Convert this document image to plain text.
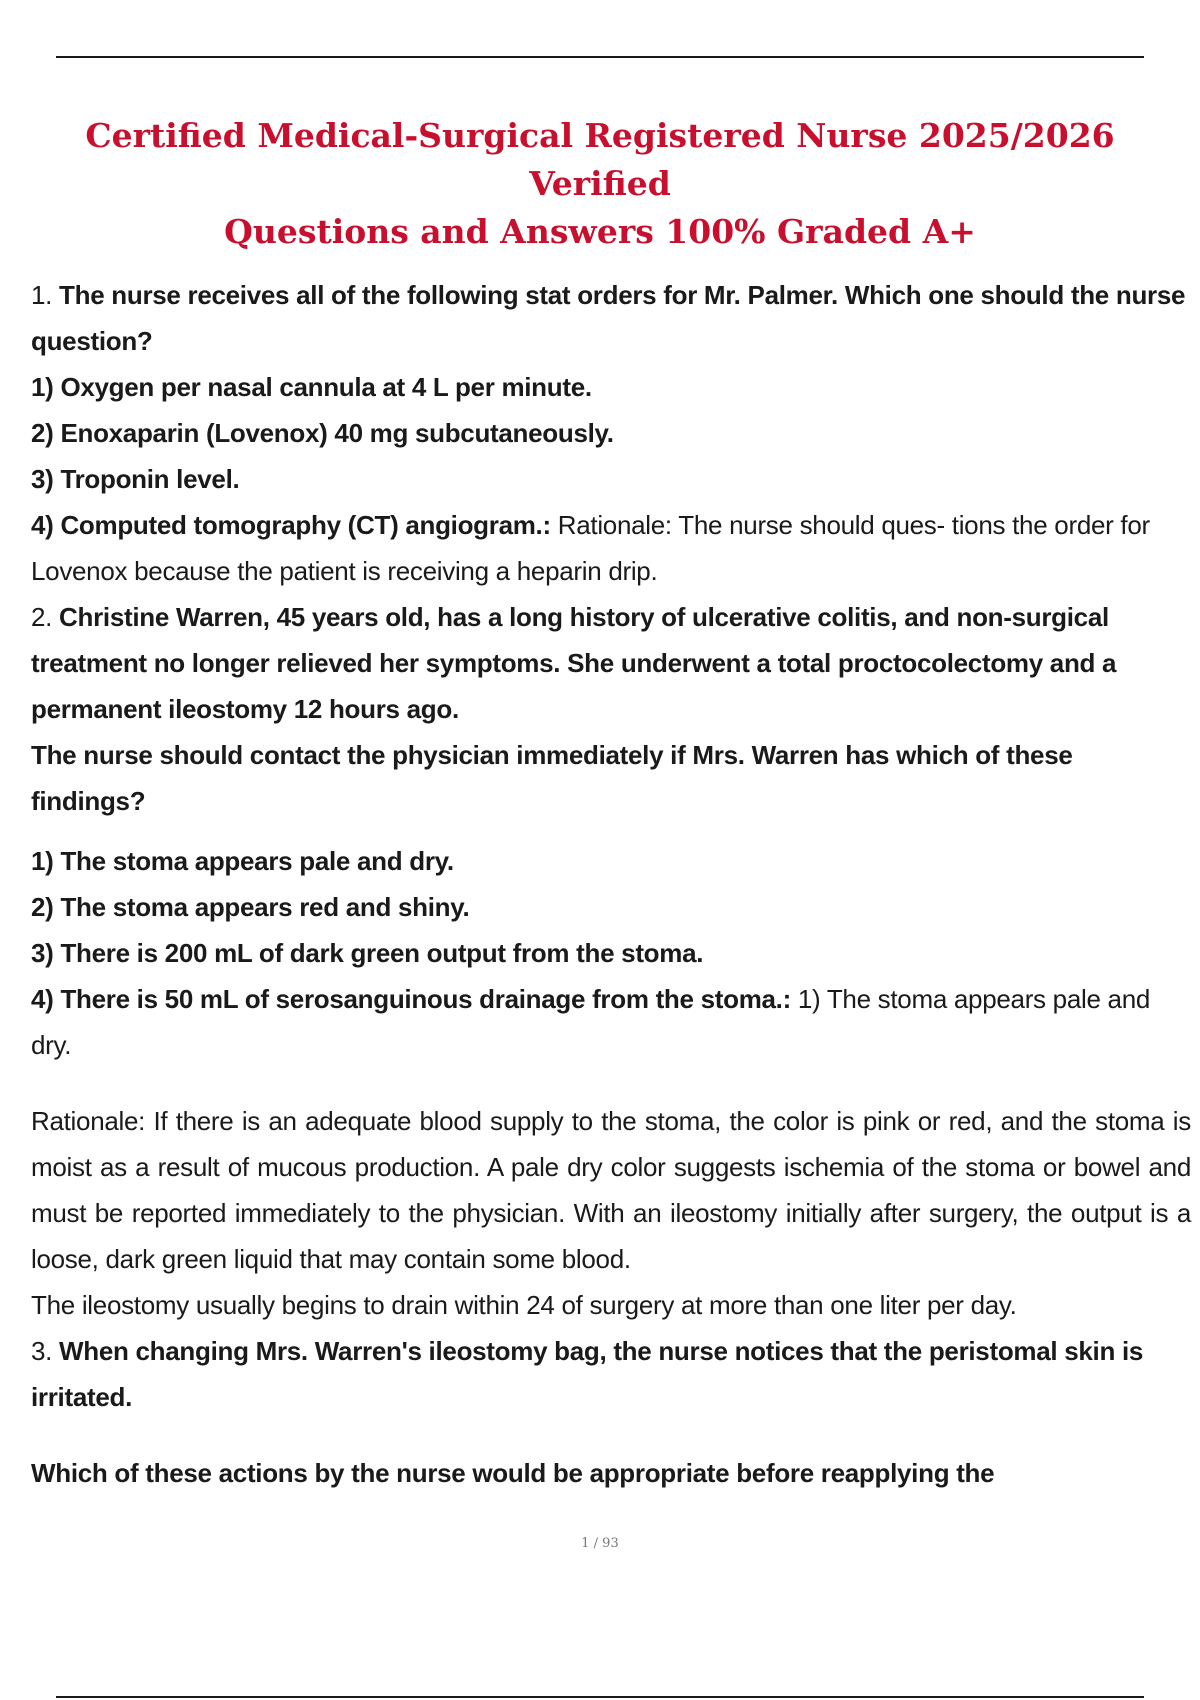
Certified Medical-Surgical Registered Nurse 2025/2026 Verified
Questions and Answers 100% Graded A+

1. The nurse receives all of the following stat orders for Mr. Palmer. Which one should the nurse question?

1) Oxygen per nasal cannula at 4 L per minute.

2) Enoxaparin (Lovenox) 40 mg subcutaneously.

3) Troponin level.

4) Computed tomography (CT) angiogram.: Rationale: The nurse should ques- tions the order for Lovenox because the patient is receiving a heparin drip.

2. Christine Warren, 45 years old, has a long history of ulcerative colitis, and non-surgical treatment no longer relieved her symptoms. She underwent a total proctocolectomy and a permanent ileostomy 12 hours ago.

The nurse should contact the physician immediately if Mrs. Warren has which of these findings?

1) The stoma appears pale and dry.

2) The stoma appears red and shiny.

3) There is 200 mL of dark green output from the stoma.

4) There is 50 mL of serosanguinous drainage from the stoma.: 1) The stoma appears pale and dry.

Rationale: If there is an adequate blood supply to the stoma, the color is pink or red, and the stoma is moist as a result of mucous production. A pale dry color suggests ischemia of the stoma or bowel and must be reported immediately to the physician. With an ileostomy initially after surgery, the output is a loose, dark green liquid that may contain some blood.

The ileostomy usually begins to drain within 24 of surgery at more than one liter per day.

3. When changing Mrs. Warren's ileostomy bag, the nurse notices that the peristomal skin is irritated.

Which of these actions by the nurse would be appropriate before reapplying the

1 / 93
